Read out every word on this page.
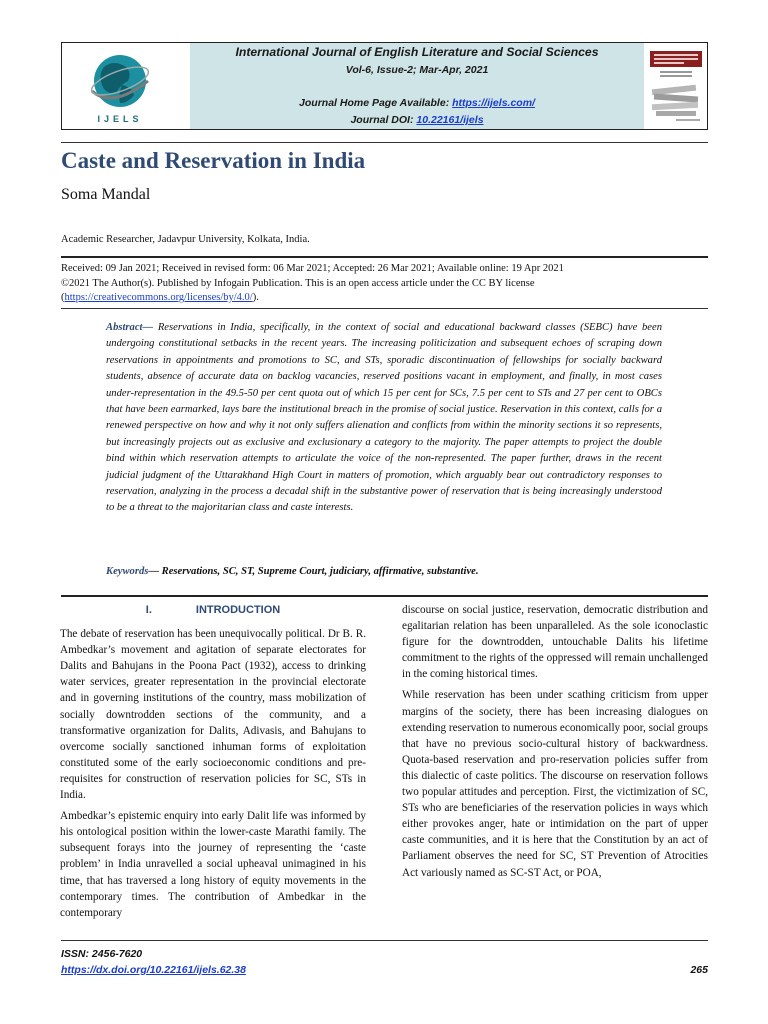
IJELS
International Journal of English Literature and Social Sciences
Vol-6, Issue-2; Mar-Apr, 2021
Journal Home Page Available: https://ijels.com/
Journal DOI: 10.22161/ijels
Caste and Reservation in India
Soma Mandal
Academic Researcher, Jadavpur University, Kolkata, India.
Received: 09 Jan 2021; Received in revised form: 06 Mar 2021; Accepted: 26 Mar 2021; Available online: 19 Apr 2021
©2021 The Author(s). Published by Infogain Publication. This is an open access article under the CC BY license
(https://creativecommons.org/licenses/by/4.0/).
Abstract— Reservations in India, specifically, in the context of social and educational backward classes (SEBC) have been undergoing constitutional setbacks in the recent years. The increasing politicization and subsequent echoes of scraping down reservations in appointments and promotions to SC, and STs, sporadic discontinuation of fellowships for socially backward students, absence of accurate data on backlog vacancies, reserved positions vacant in employment, and finally, in most cases under-representation in the 49.5-50 per cent quota out of which 15 per cent for SCs, 7.5 per cent to STs and 27 per cent to OBCs that have been earmarked, lays bare the institutional breach in the promise of social justice. Reservation in this context, calls for a renewed perspective on how and why it not only suffers alienation and conflicts from within the minority sections it so represents, but increasingly projects out as exclusive and exclusionary a category to the majority. The paper attempts to project the double bind within which reservation attempts to articulate the voice of the non-represented. The paper further, draws in the recent judicial judgment of the Uttarakhand High Court in matters of promotion, which arguably bear out contradictory responses to reservation, analyzing in the process a decadal shift in the substantive power of reservation that is being increasingly understood to be a threat to the majoritarian class and caste interests.
Keywords— Reservations, SC, ST, Supreme Court, judiciary, affirmative, substantive.
I.	INTRODUCTION

The debate of reservation has been unequivocally political. Dr B. R. Ambedkar’s movement and agitation of separate electorates for Dalits and Bahujans in the Poona Pact (1932), access to drinking water services, greater representation in the provincial electorate and in governing institutions of the country, mass mobilization of socially downtrodden sections of the community, and a transformative organization for Dalits, Adivasis, and Bahujans to overcome socially sanctioned inhuman forms of exploitation constituted some of the early socioeconomic conditions and pre-requisites for construction of reservation policies for SC, STs in India.

Ambedkar’s epistemic enquiry into early Dalit life was informed by his ontological position within the lower-caste Marathi family. The subsequent forays into the journey of representing the ‘caste problem’ in India unravelled a social upheaval unimagined in his time, that has traversed a long history of equity movements in the contemporary times. The contribution of Ambedkar in the contemporary

discourse on social justice, reservation, democratic distribution and egalitarian relation has been unparalleled. As the sole iconoclastic figure for the downtrodden, untouchable Dalits his lifetime commitment to the rights of the oppressed will remain unchallenged in the coming historical times.

While reservation has been under scathing criticism from upper margins of the society, there has been increasing dialogues on extending reservation to numerous economically poor, social groups that have no previous socio-cultural history of backwardness. Quota-based reservation and pro-reservation policies suffer from this dialectic of caste politics. The discourse on reservation follows two popular attitudes and perception. First, the victimization of SC, STs who are beneficiaries of the reservation policies in ways which either provokes anger, hate or intimidation on the part of upper caste communities, and it is here that the Constitution by an act of Parliament observes the need for SC, ST Prevention of Atrocities Act variously named as SC-ST Act, or POA,

ISSN: 2456-7620
https://dx.doi.org/10.22161/ijels.62.38	265
